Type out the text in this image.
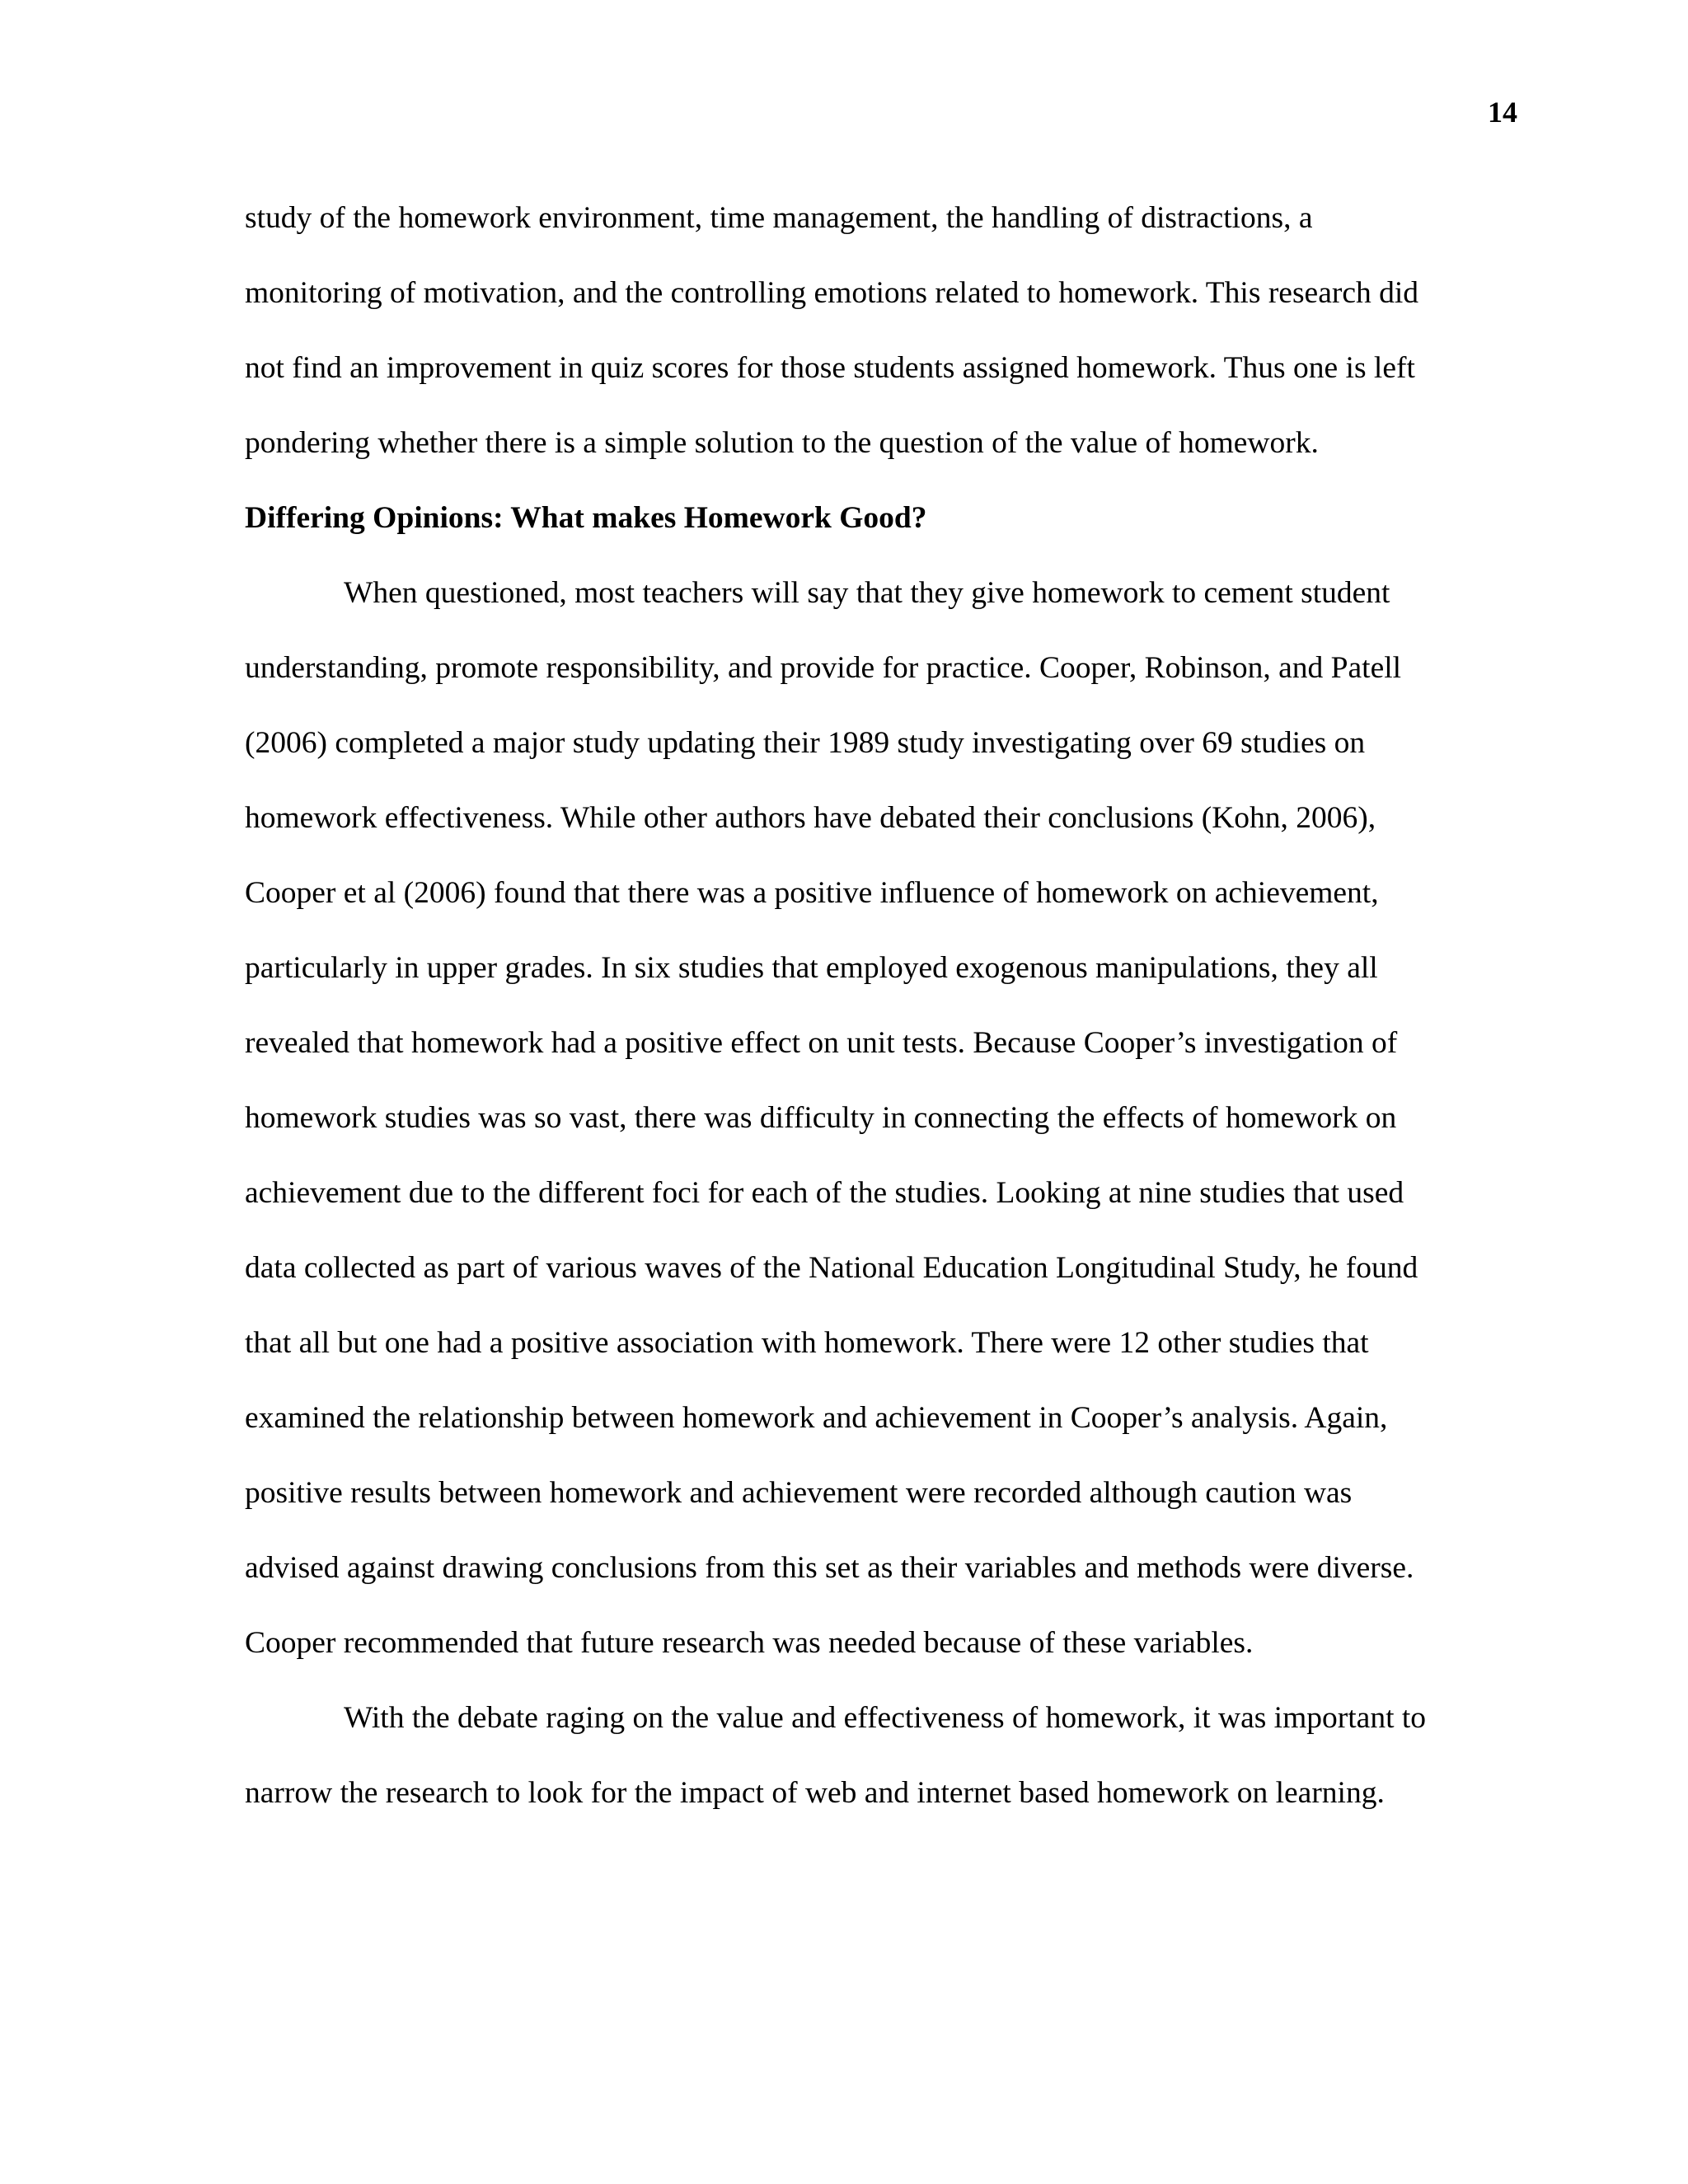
14

study of the homework environment, time management, the handling of distractions, a
monitoring of motivation, and the controlling emotions related to homework. This research did
not find an improvement in quiz scores for those students assigned homework. Thus one is left
pondering whether there is a simple solution to the question of the value of homework.
Differing Opinions: What makes Homework Good?
When questioned, most teachers will say that they give homework to cement student
understanding, promote responsibility, and provide for practice. Cooper, Robinson, and Patell
(2006) completed a major study updating their 1989 study investigating over 69 studies on
homework effectiveness. While other authors have debated their conclusions (Kohn, 2006),
Cooper et al (2006) found that there was a positive influence of homework on achievement,
particularly in upper grades. In six studies that employed exogenous manipulations, they all
revealed that homework had a positive effect on unit tests. Because Cooper’s investigation of
homework studies was so vast, there was difficulty in connecting the effects of homework on
achievement due to the different foci for each of the studies. Looking at nine studies that used
data collected as part of various waves of the National Education Longitudinal Study, he found
that all but one had a positive association with homework. There were 12 other studies that
examined the relationship between homework and achievement in Cooper’s analysis. Again,
positive results between homework and achievement were recorded although caution was
advised against drawing conclusions from this set as their variables and methods were diverse.
Cooper recommended that future research was needed because of these variables.
With the debate raging on the value and effectiveness of homework, it was important to
narrow the research to look for the impact of web and internet based homework on learning.
